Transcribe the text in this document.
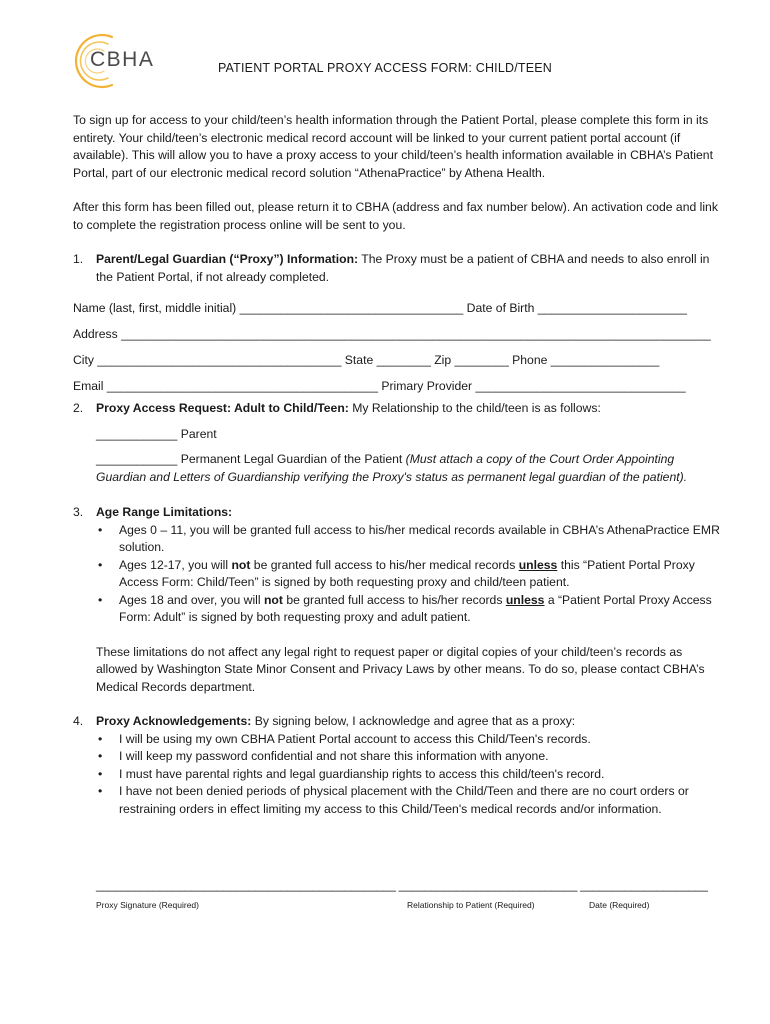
CBHA	PATIENT PORTAL PROXY ACCESS FORM: CHILD/TEEN

To sign up for access to your child/teen’s health information through the Patient Portal, please complete this form in its entirety. Your child/teen’s electronic medical record account will be linked to your current patient portal account (if available). This will allow you to have a proxy access to your child/teen’s health information available in CBHA’s Patient Portal, part of our electronic medical record solution “AthenaPractice” by Athena Health.

After this form has been filled out, please return it to CBHA (address and fax number below). An activation code and link to complete the registration process online will be sent to you.

1. Parent/Legal Guardian (“Proxy”) Information: The Proxy must be a patient of CBHA and needs to also enroll in the Patient Portal, if not already completed.
Name (last, first, middle initial) _________________________________ Date of Birth ______________________
Address _______________________________________________________________________________________
City ____________________________________ State ________ Zip ________ Phone ________________
Email ________________________________________ Primary Provider _______________________________
2. Proxy Access Request: Adult to Child/Teen: My Relationship to the child/teen is as follows:

____________ Parent

____________ Permanent Legal Guardian of the Patient (Must attach a copy of the Court Order Appointing Guardian and Letters of Guardianship verifying the Proxy's status as permanent legal guardian of the patient).

3. Age Range Limitations:
• Ages 0 – 11, you will be granted full access to his/her medical records available in CBHA’s AthenaPractice EMR solution.
• Ages 12-17, you will not be granted full access to his/her medical records unless this “Patient Portal Proxy Access Form: Child/Teen” is signed by both requesting proxy and child/teen patient.
• Ages 18 and over, you will not be granted full access to his/her records unless a “Patient Portal Proxy Access Form: Adult” is signed by both requesting proxy and adult patient.

These limitations do not affect any legal right to request paper or digital copies of your child/teen’s records as allowed by Washington State Minor Consent and Privacy Laws by other means. To do so, please contact CBHA’s Medical Records department.

4. Proxy Acknowledgements: By signing below, I acknowledge and agree that as a proxy:
• I will be using my own CBHA Patient Portal account to access this Child/Teen's records.
• I will keep my password confidential and not share this information with anyone.
• I must have parental rights and legal guardianship rights to access this child/teen's record.
• I have not been denied periods of physical placement with the Child/Teen and there are no court orders or restraining orders in effect limiting my access to this Child/Teen's medical records and/or information.
_______________________________________________ ____________________________ ____________________
Proxy Signature (Required)	Relationship to Patient (Required)	Date (Required)
